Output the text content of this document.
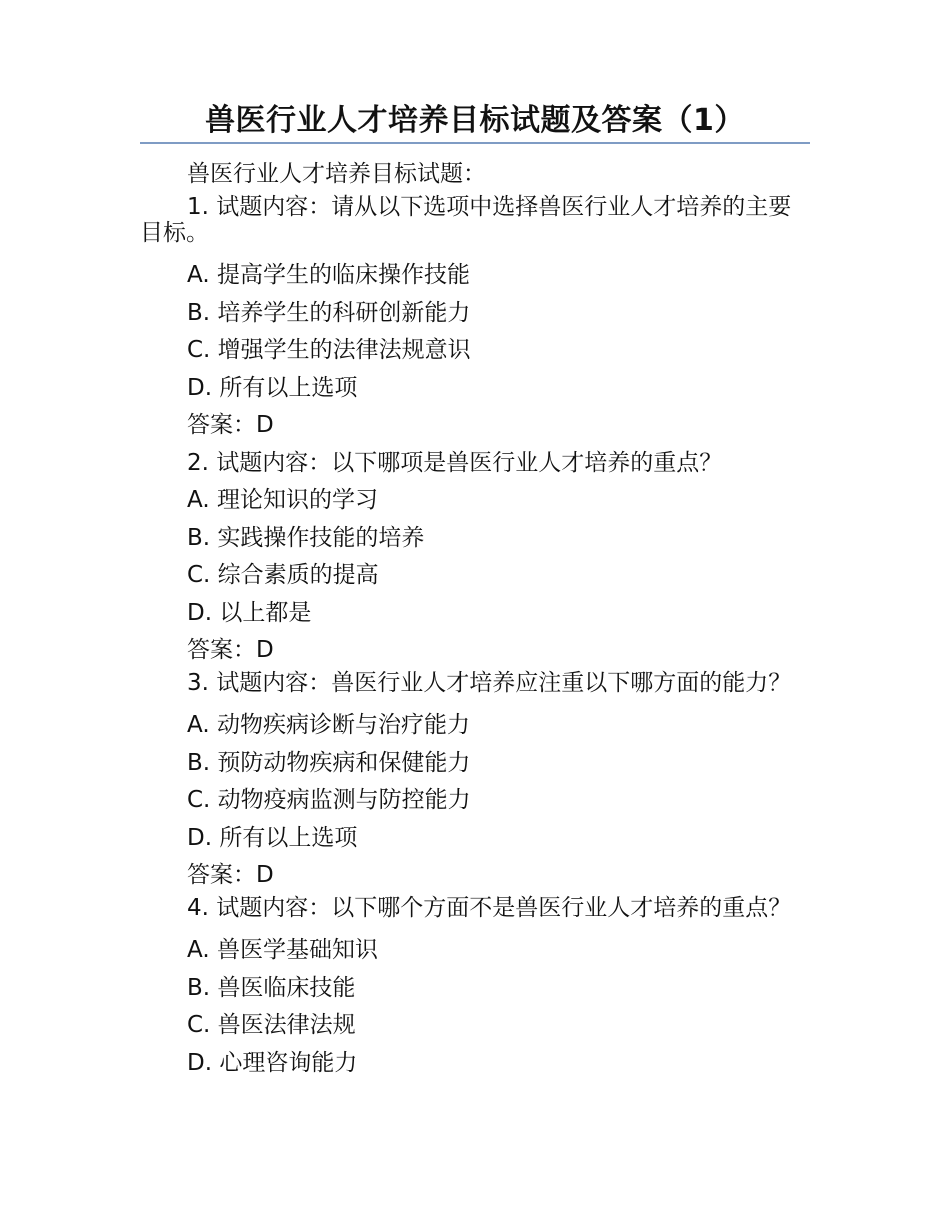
兽医行业人才培养目标试题及答案（1）

兽医行业人才培养目标试题：

1. 试题内容：请从以下选项中选择兽医行业人才培养的主要目标。

A. 提高学生的临床操作技能

B. 培养学生的科研创新能力

C. 增强学生的法律法规意识

D. 所有以上选项

答案：D

2. 试题内容：以下哪项是兽医行业人才培养的重点？

A. 理论知识的学习

B. 实践操作技能的培养

C. 综合素质的提高

D. 以上都是

答案：D

3. 试题内容：兽医行业人才培养应注重以下哪方面的能力？

A. 动物疾病诊断与治疗能力

B. 预防动物疾病和保健能力

C. 动物疫病监测与防控能力

D. 所有以上选项

答案：D

4. 试题内容：以下哪个方面不是兽医行业人才培养的重点？

A. 兽医学基础知识

B. 兽医临床技能

C. 兽医法律法规

D. 心理咨询能力
